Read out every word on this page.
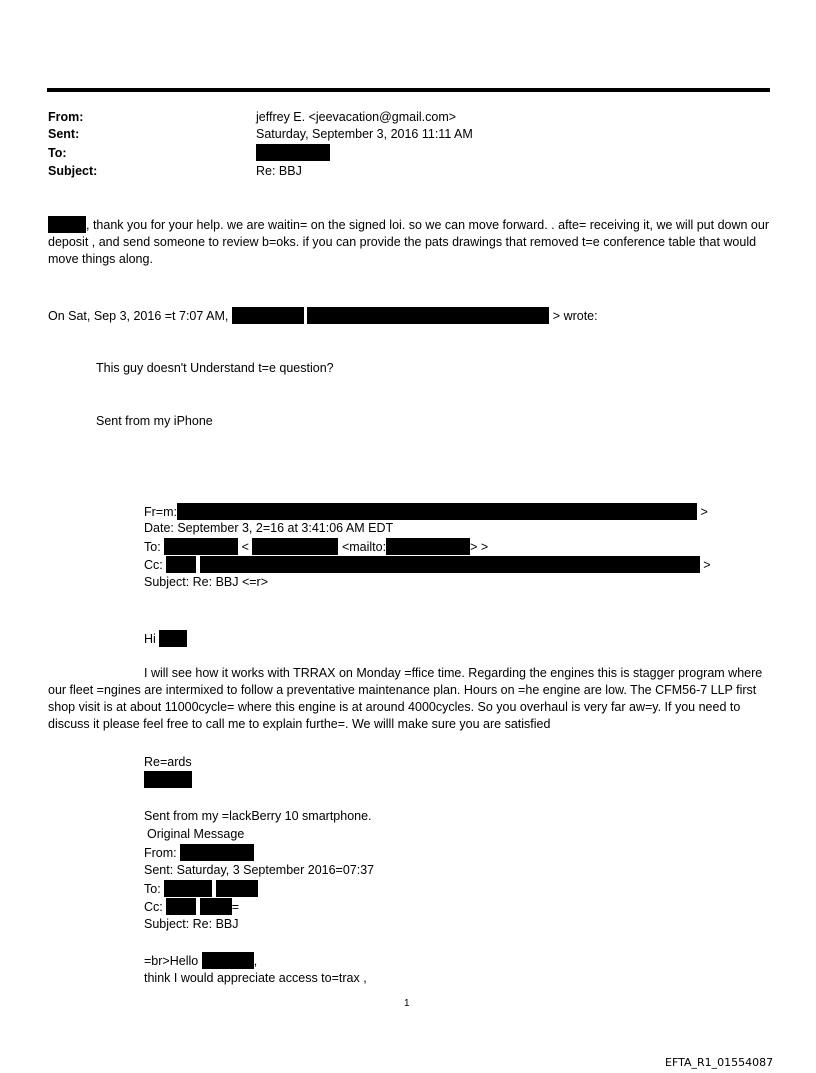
From:	jeffrey E. <jeevacation@gmail.com>
Sent:	Saturday, September 3, 2016 11:11 AM
To:
Subject:	Re: BBJ
, thank you for your help. we are waitin= on the signed loi. so we can move forward. . afte= receiving it, we will put down our deposit , and send someone to review b=oks. if you can provide the pats drawings that removed t=e conference table that would move things along.
On Sat, Sep 3, 2016 =t 7:07 AM,	> wrote:
This guy doesn't Understand t=e question?
Sent from my iPhone
Fr=m:	>
Date: September 3, 2=16 at 3:41:06 AM EDT
To:	<	<mailto:	> >
Cc:	>
Subject: Re: BBJ <=r>
Hi
I will see how it works with TRRAX on Monday =ffice time. Regarding the engines this is stagger program where our fleet =ngines are intermixed to follow a preventative maintenance plan. Hours on =he engine are low. The CFM56-7 LLP first shop visit is at about 11000cycle= where this engine is at around 4000cycles. So you overhaul is very far aw=y. If you need to discuss it please feel free to call me to explain furthe=. We willl make sure you are satisfied
Re=ards
Sent from my =lackBerry 10 smartphone.
Original Message
From:
Sent: Saturday, 3 September 2016=07:37
To:
Cc:	=
Subject: Re: BBJ
=br>Hello	,
think I would appreciate access to=trax ,
1
EFTA_R1_01554087
